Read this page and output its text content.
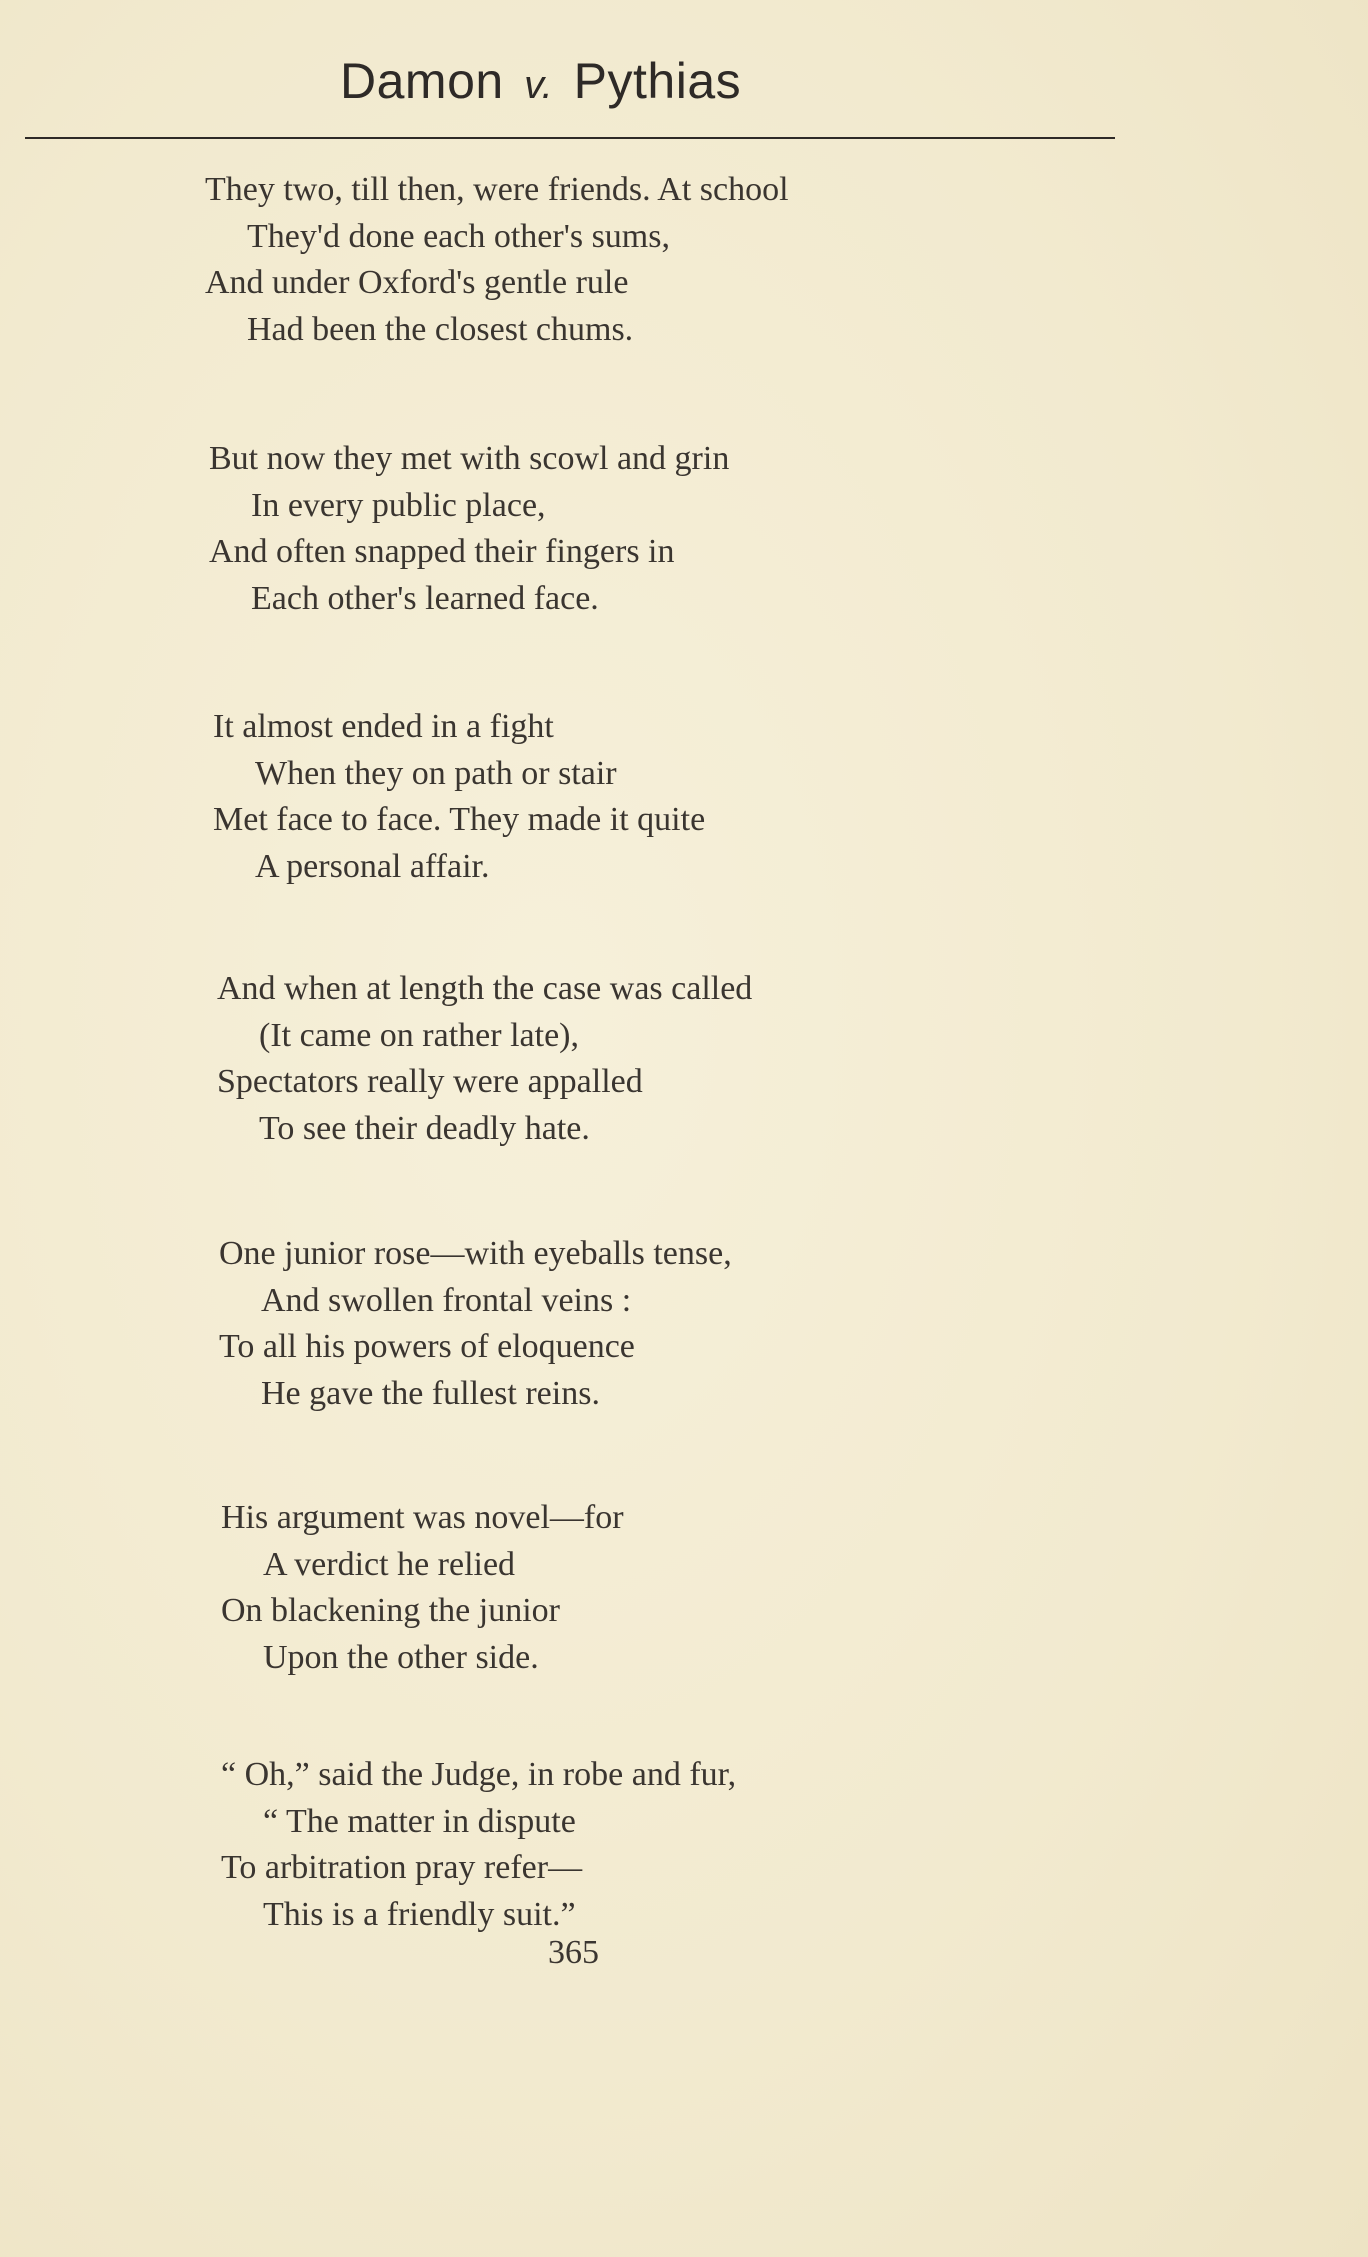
Damon v. Pythias
They two, till then, were friends. At school
They'd done each other's sums,
And under Oxford's gentle rule
Had been the closest chums.
But now they met with scowl and grin
In every public place,
And often snapped their fingers in
Each other's learned face.
It almost ended in a fight
When they on path or stair
Met face to face. They made it quite
A personal affair.
And when at length the case was called
(It came on rather late),
Spectators really were appalled
To see their deadly hate.
One junior rose—with eyeballs tense,
And swollen frontal veins :
To all his powers of eloquence
He gave the fullest reins.
His argument was novel—for
A verdict he relied
On blackening the junior
Upon the other side.
“ Oh,” said the Judge, in robe and fur,
“ The matter in dispute
To arbitration pray refer—
This is a friendly suit.”
365
